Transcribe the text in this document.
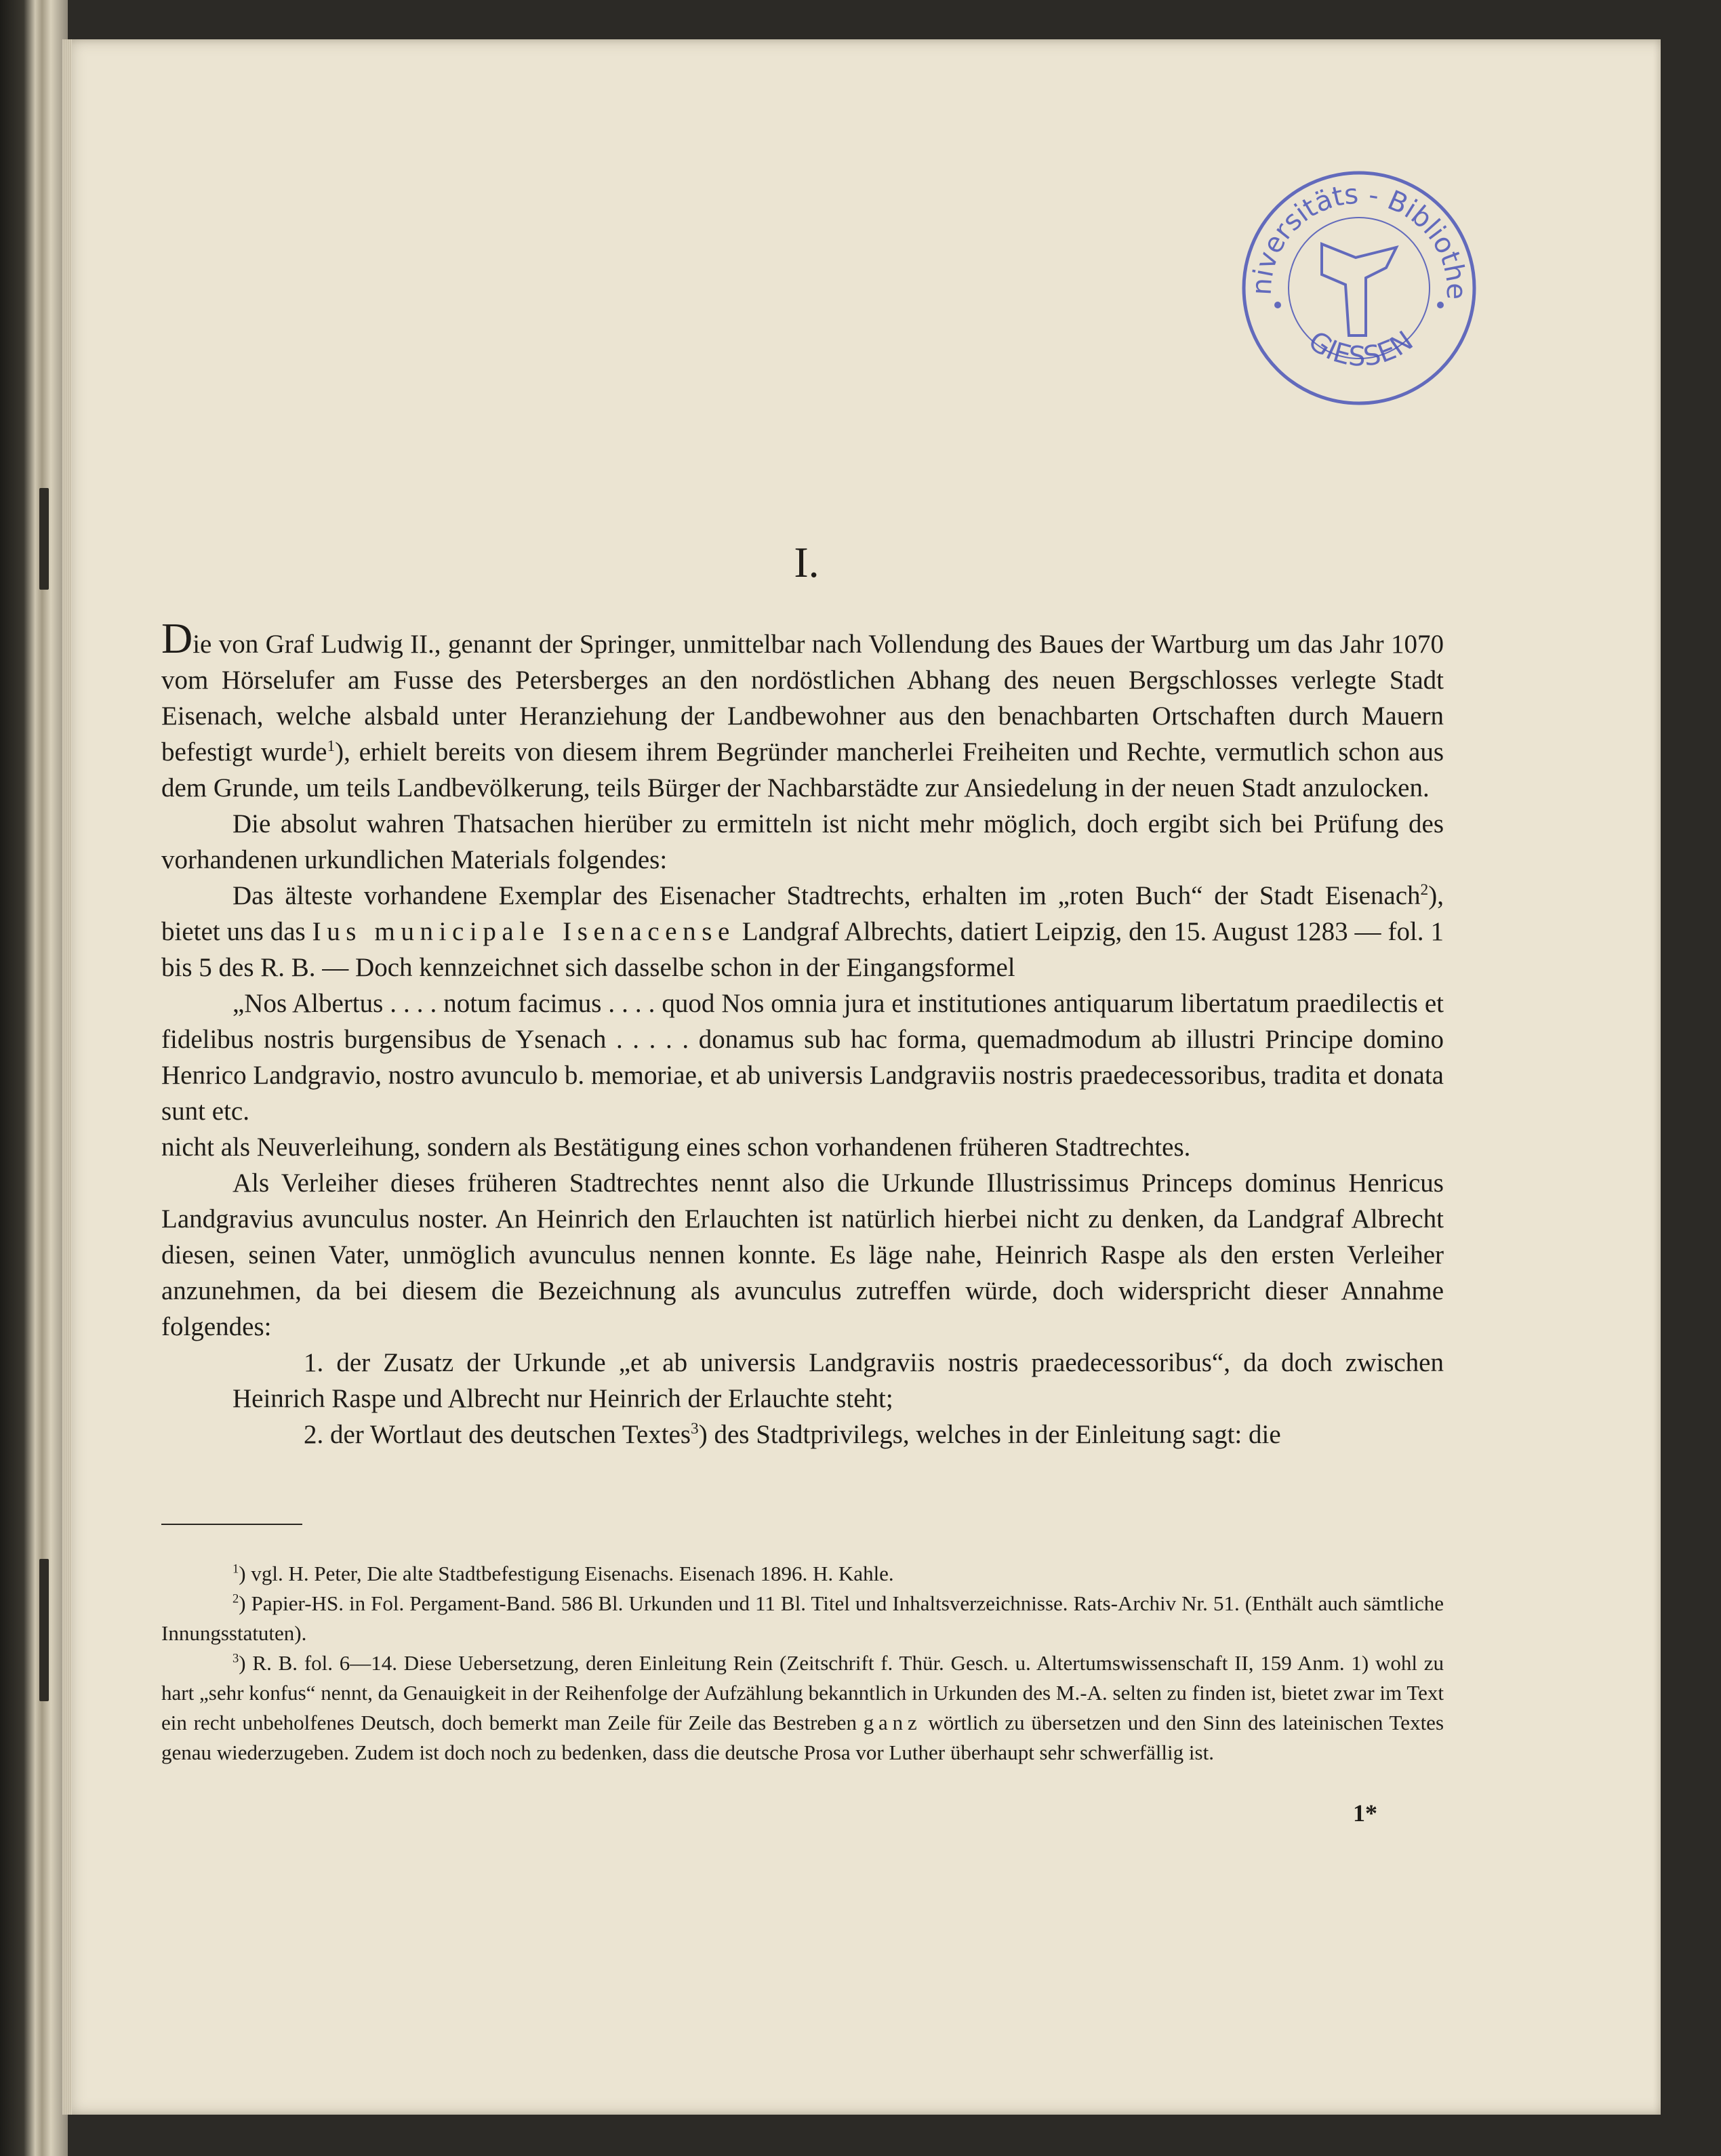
niversitäts - Bibliothe
GIESSEN
I.

Die von Graf Ludwig II., genannt der Springer, unmittelbar nach Vollendung des Baues der Wartburg um das Jahr 1070 vom Hörselufer am Fusse des Petersberges an den nordöstlichen Abhang des neuen Bergschlosses verlegte Stadt Eisenach, welche alsbald unter Heranziehung der Landbewohner aus den benachbarten Ortschaften durch Mauern befestigt wurde$^1$), erhielt bereits von diesem ihrem Begründer mancherlei Freiheiten und Rechte, vermutlich schon aus dem Grunde, um teils Landbevölkerung, teils Bürger der Nachbarstädte zur Ansiedelung in der neuen Stadt anzulocken.

Die absolut wahren Thatsachen hierüber zu ermitteln ist nicht mehr möglich, doch ergibt sich bei Prüfung des vorhandenen urkundlichen Materials folgendes:

Das älteste vorhandene Exemplar des Eisenacher Stadtrechts, erhalten im „roten Buch“ der Stadt Eisenach$^2$), bietet uns das Ius municipale Isenacense Landgraf Albrechts, datiert Leipzig, den 15. August 1283 — fol. 1 bis 5 des R. B. — Doch kennzeichnet sich dasselbe schon in der Eingangsformel

„Nos Albertus . . . . notum facimus . . . . quod Nos omnia jura et institutiones antiquarum libertatum praedilectis et fidelibus nostris burgensibus de Ysenach . . . . . donamus sub hac forma, quemadmodum ab illustri Principe domino Henrico Landgravio, nostro avunculo b. memoriae, et ab universis Landgraviis nostris praedecessoribus, tradita et donata sunt etc.

nicht als Neuverleihung, sondern als Bestätigung eines schon vorhandenen früheren Stadtrechtes.

Als Verleiher dieses früheren Stadtrechtes nennt also die Urkunde Illustrissimus Princeps dominus Henricus Landgravius avunculus noster. An Heinrich den Erlauchten ist natürlich hierbei nicht zu denken, da Landgraf Albrecht diesen, seinen Vater, unmöglich avunculus nennen konnte. Es läge nahe, Heinrich Raspe als den ersten Verleiher anzunehmen, da bei diesem die Bezeichnung als avunculus zutreffen würde, doch widerspricht dieser Annahme folgendes:

1. der Zusatz der Urkunde „et ab universis Landgraviis nostris praedecessoribus“, da doch zwischen Heinrich Raspe und Albrecht nur Heinrich der Erlauchte steht;

2. der Wortlaut des deutschen Textes$^3$) des Stadtprivilegs, welches in der Einleitung sagt: die

$^1$) vgl. H. Peter, Die alte Stadtbefestigung Eisenachs. Eisenach 1896. H. Kahle.

$^2$) Papier-HS. in Fol. Pergament-Band. 586 Bl. Urkunden und 11 Bl. Titel und Inhaltsverzeichnisse. Rats-Archiv Nr. 51. (Enthält auch sämtliche Innungsstatuten).

$^3$) R. B. fol. 6—14. Diese Uebersetzung, deren Einleitung Rein (Zeitschrift f. Thür. Gesch. u. Altertumswissenschaft II, 159 Anm. 1) wohl zu hart „sehr konfus“ nennt, da Genauigkeit in der Reihenfolge der Aufzählung bekanntlich in Urkunden des M.-A. selten zu finden ist, bietet zwar im Text ein recht unbeholfenes Deutsch, doch bemerkt man Zeile für Zeile das Bestreben ganz wörtlich zu übersetzen und den Sinn des lateinischen Textes genau wiederzugeben. Zudem ist doch noch zu bedenken, dass die deutsche Prosa vor Luther überhaupt sehr schwerfällig ist.

1*
